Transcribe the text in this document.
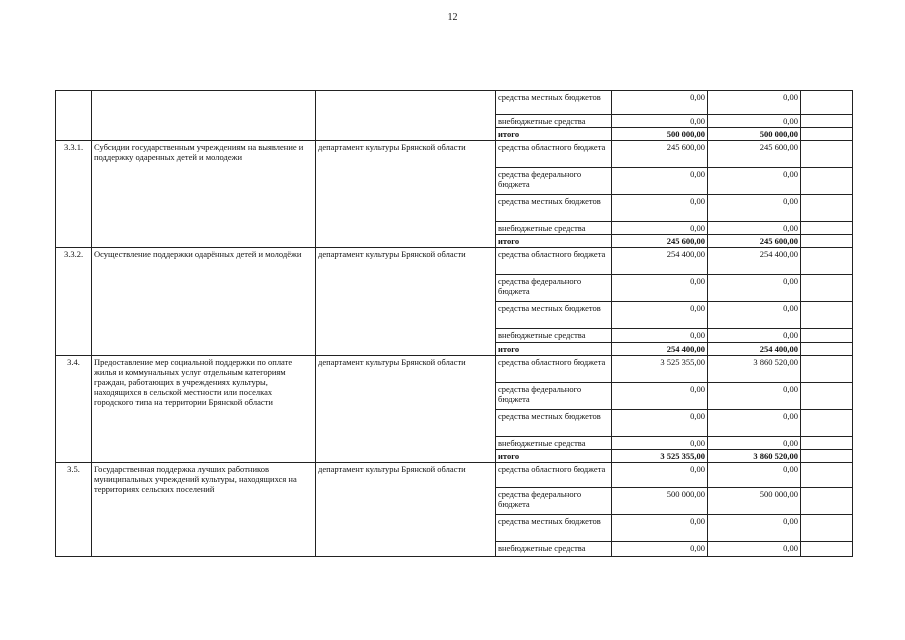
12
			средства местных бюджетов	0,00	0,00	
			внебюджетные средства	0,00	0,00	
			итого	500 000,00	500 000,00	
3.3.1.	Субсидии государственным учреждениям на выявление и поддержку одаренных детей и молодежи	департамент культуры Брянской области	средства областного бюджета	245 600,00	245 600,00	
			средства федерального бюджета	0,00	0,00	
			средства местных бюджетов	0,00	0,00	
			внебюджетные средства	0,00	0,00	
			итого	245 600,00	245 600,00	
3.3.2.	Осуществление поддержки одарённых детей и молодёжи	департамент культуры Брянской области	средства областного бюджета	254 400,00	254 400,00	
			средства федерального бюджета	0,00	0,00	
			средства местных бюджетов	0,00	0,00	
			внебюджетные средства	0,00	0,00	
			итого	254 400,00	254 400,00	
3.4.	Предоставление мер социальной поддержки по оплате жилья и коммунальных услуг отдельным категориям граждан, работающих в учреждениях культуры, находящихся в сельской местности или поселках городского типа на территории Брянской области	департамент культуры Брянской области	средства областного бюджета	3 525 355,00	3 860 520,00	
			средства федерального бюджета	0,00	0,00	
			средства местных бюджетов	0,00	0,00	
			внебюджетные средства	0,00	0,00	
			итого	3 525 355,00	3 860 520,00	
3.5.	Государственная поддержка лучших работников муниципальных учреждений культуры, находящихся на территориях сельских поселений	департамент культуры Брянской области	средства областного бюджета	0,00	0,00	
			средства федерального бюджета	500 000,00	500 000,00	
			средства местных бюджетов	0,00	0,00	
			внебюджетные средства	0,00	0,00	
